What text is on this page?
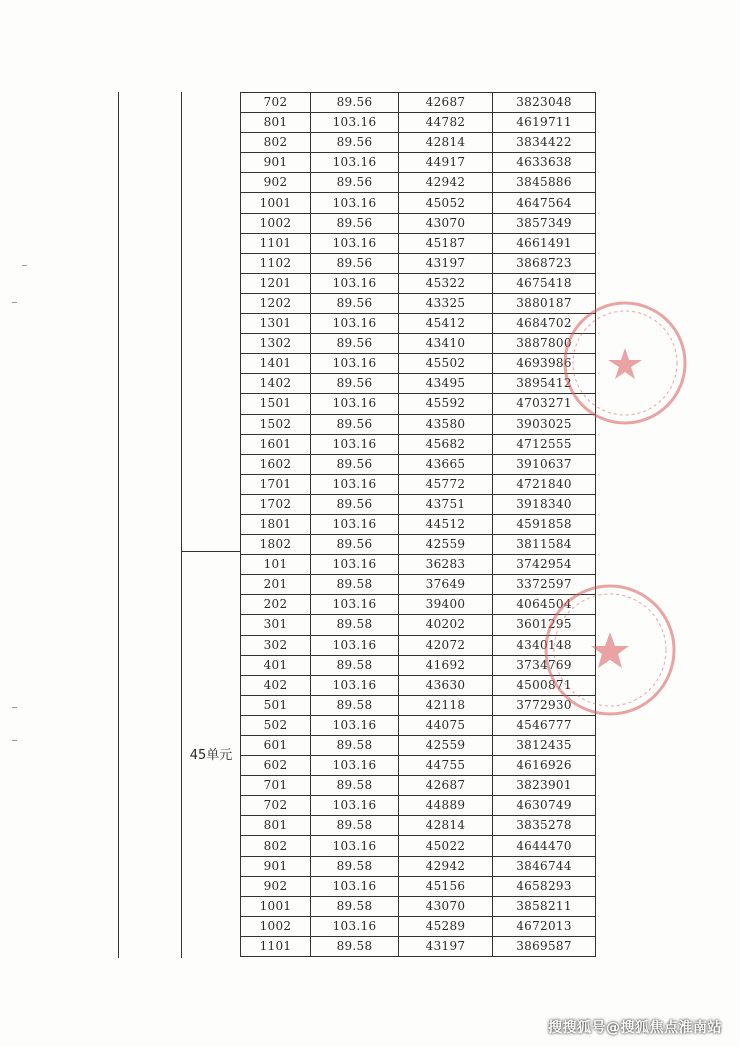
45单元
702	89.56	42687	3823048
801	103.16	44782	4619711
802	89.56	42814	3834422
901	103.16	44917	4633638
902	89.56	42942	3845886
1001	103.16	45052	4647564
1002	89.56	43070	3857349
1101	103.16	45187	4661491
1102	89.56	43197	3868723
1201	103.16	45322	4675418
1202	89.56	43325	3880187
1301	103.16	45412	4684702
1302	89.56	43410	3887800
1401	103.16	45502	4693986
1402	89.56	43495	3895412
1501	103.16	45592	4703271
1502	89.56	43580	3903025
1601	103.16	45682	4712555
1602	89.56	43665	3910637
1701	103.16	45772	4721840
1702	89.56	43751	3918340
1801	103.16	44512	4591858
1802	89.56	42559	3811584
101	103.16	36283	3742954
201	89.58	37649	3372597
202	103.16	39400	4064504
301	89.58	40202	3601295
302	103.16	42072	4340148
401	89.58	41692	3734769
402	103.16	43630	4500871
501	89.58	42118	3772930
502	103.16	44075	4546777
601	89.58	42559	3812435
602	103.16	44755	4616926
701	89.58	42687	3823901
702	103.16	44889	4630749
801	89.58	42814	3835278
802	103.16	45022	4644470
901	89.58	42942	3846744
902	103.16	45156	4658293
1001	89.58	43070	3858211
1002	103.16	45289	4672013
1101	89.58	43197	3869587
搜搜狐号@搜狐焦点淮南站
